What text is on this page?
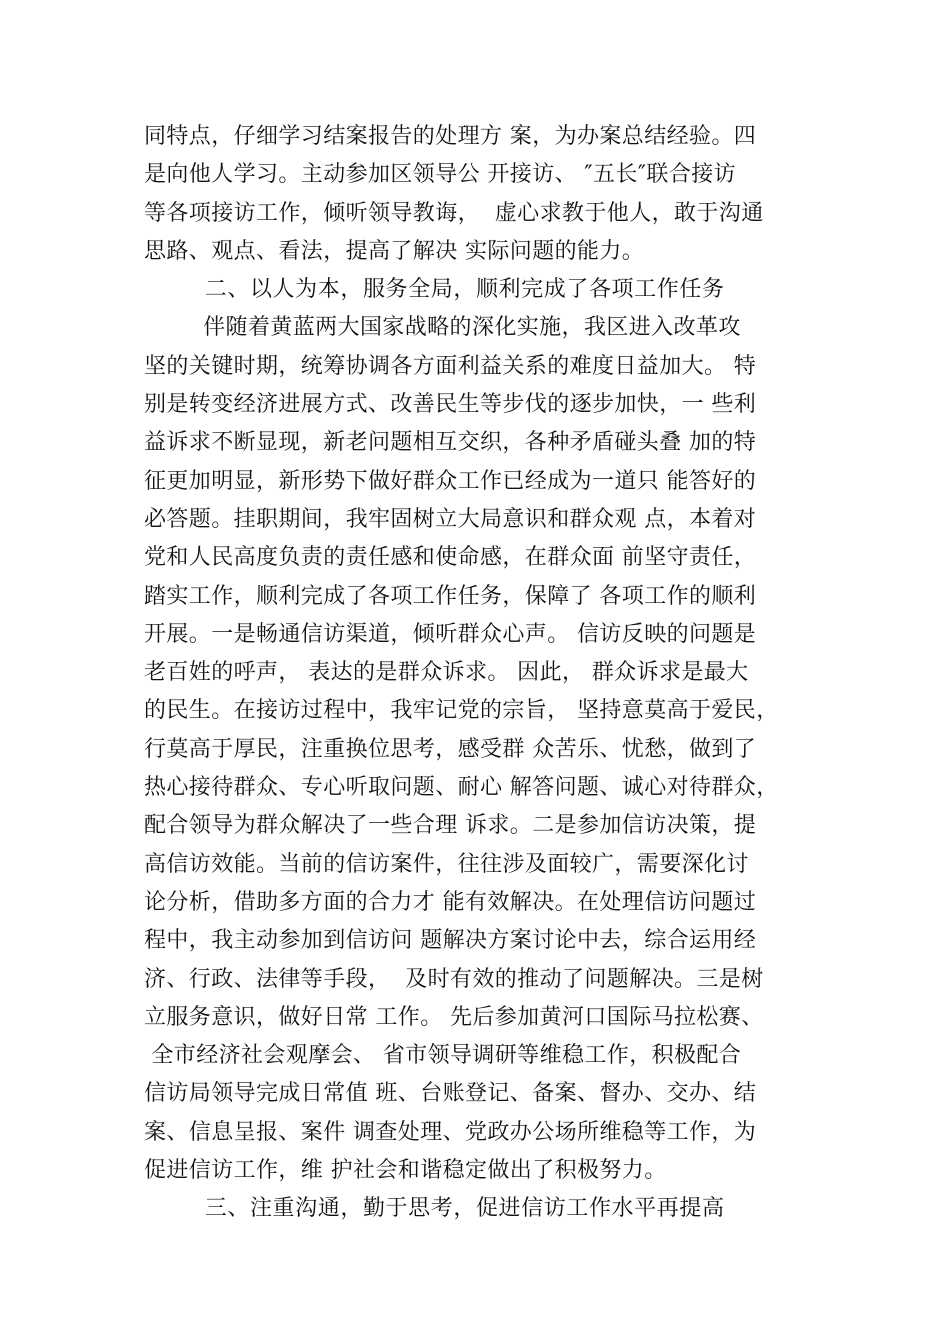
同特点，仔细学习结案报告的处理方 案，为办案总结经验。四
是向他人学习。主动参加区领导公 开接访、 ″五长″联合接访
等各项接访工作，倾听领导教诲，  虚心求教于他人，敢于沟通
思路、观点、看法，提高了解决 实际问题的能力。
二、以人为本，服务全局，顺利完成了各项工作任务
伴随着黄蓝两大国家战略的深化实施，我区进入改革攻
坚的关键时期，统筹协调各方面利益关系的难度日益加大。 特
别是转变经济进展方式、改善民生等步伐的逐步加快，一 些利
益诉求不断显现，新老问题相互交织，各种矛盾碰头叠 加的特
征更加明显，新形势下做好群众工作已经成为一道只 能答好的
必答题。挂职期间，我牢固树立大局意识和群众观 点，本着对
党和人民高度负责的责任感和使命感，在群众面 前坚守责任，
踏实工作，顺利完成了各项工作任务，保障了 各项工作的顺利
开展。一是畅通信访渠道，倾听群众心声。 信访反映的问题是
老百姓的呼声， 表达的是群众诉求。 因此， 群众诉求是最大
的民生。在接访过程中，我牢记党的宗旨， 坚持意莫高于爱民，
行莫高于厚民，注重换位思考，感受群 众苦乐、忧愁，做到了
热心接待群众、专心听取问题、耐心 解答问题、诚心对待群众，
配合领导为群众解决了一些合理 诉求。二是参加信访决策，提
高信访效能。当前的信访案件，往往涉及面较广，需要深化讨
论分析，借助多方面的合力才 能有效解决。在处理信访问题过
程中，我主动参加到信访问 题解决方案讨论中去，综合运用经
济、行政、法律等手段，  及时有效的推动了问题解决。三是树
立服务意识，做好日常 工作。 先后参加黄河口国际马拉松赛、
全市经济社会观摩会、 省市领导调研等维稳工作，积极配合
信访局领导完成日常值 班、台账登记、备案、督办、交办、结
案、信息呈报、案件 调查处理、党政办公场所维稳等工作，为
促进信访工作，维 护社会和谐稳定做出了积极努力。
三、注重沟通，勤于思考，促进信访工作水平再提高
